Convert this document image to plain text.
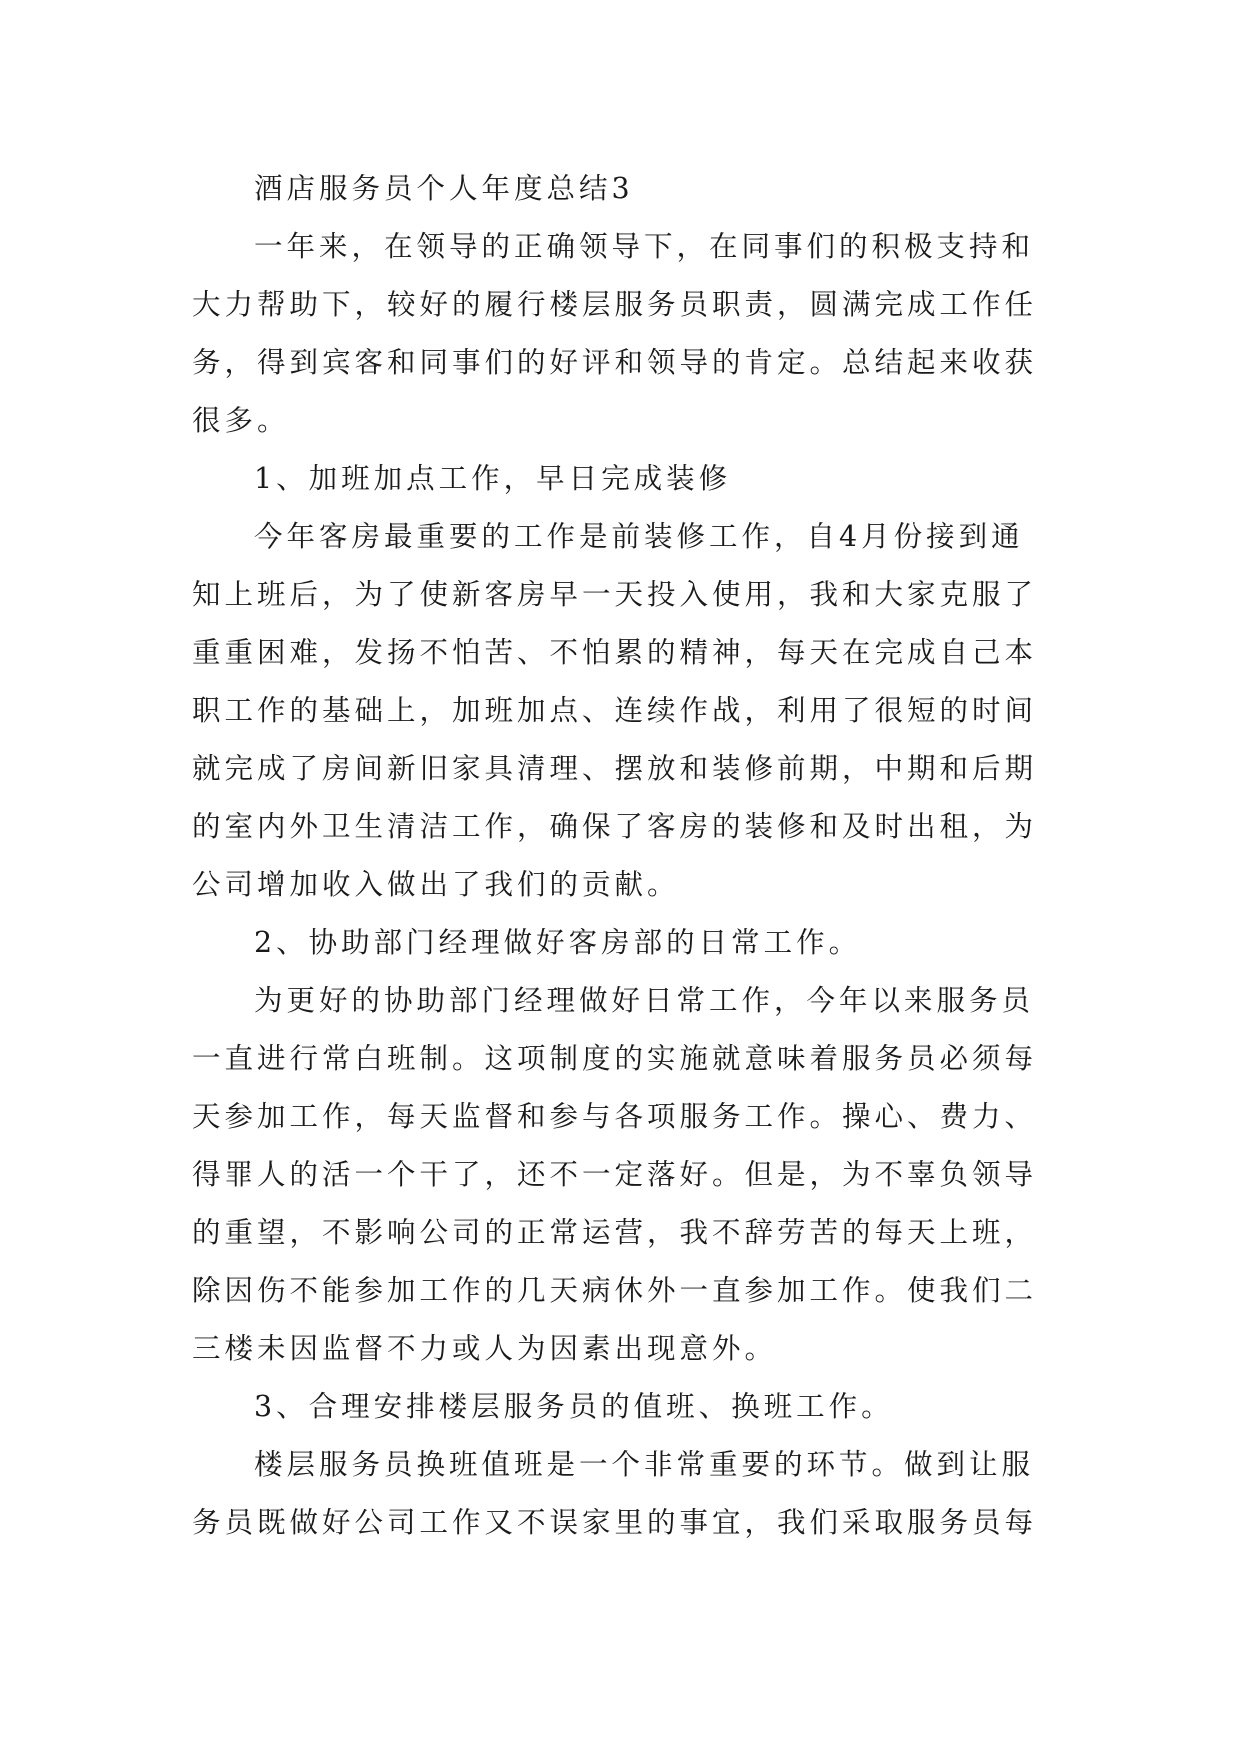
酒店服务员个人年度总结3
一年来，在领导的正确领导下，在同事们的积极支持和
大力帮助下，较好的履行楼层服务员职责，圆满完成工作任
务，得到宾客和同事们的好评和领导的肯定。总结起来收获
很多。
1、加班加点工作，早日完成装修
今年客房最重要的工作是前装修工作，自4月份接到通
知上班后，为了使新客房早一天投入使用，我和大家克服了
重重困难，发扬不怕苦、不怕累的精神，每天在完成自己本
职工作的基础上，加班加点、连续作战，利用了很短的时间
就完成了房间新旧家具清理、摆放和装修前期，中期和后期
的室内外卫生清洁工作，确保了客房的装修和及时出租，为
公司增加收入做出了我们的贡献。
2、协助部门经理做好客房部的日常工作。
为更好的协助部门经理做好日常工作，今年以来服务员
一直进行常白班制。这项制度的实施就意味着服务员必须每
天参加工作，每天监督和参与各项服务工作。操心、费力、
得罪人的活一个干了，还不一定落好。但是，为不辜负领导
的重望，不影响公司的正常运营，我不辞劳苦的每天上班，
除因伤不能参加工作的几天病休外一直参加工作。使我们二
三楼未因监督不力或人为因素出现意外。
3、合理安排楼层服务员的值班、换班工作。
楼层服务员换班值班是一个非常重要的环节。做到让服
务员既做好公司工作又不误家里的事宜，我们采取服务员每
